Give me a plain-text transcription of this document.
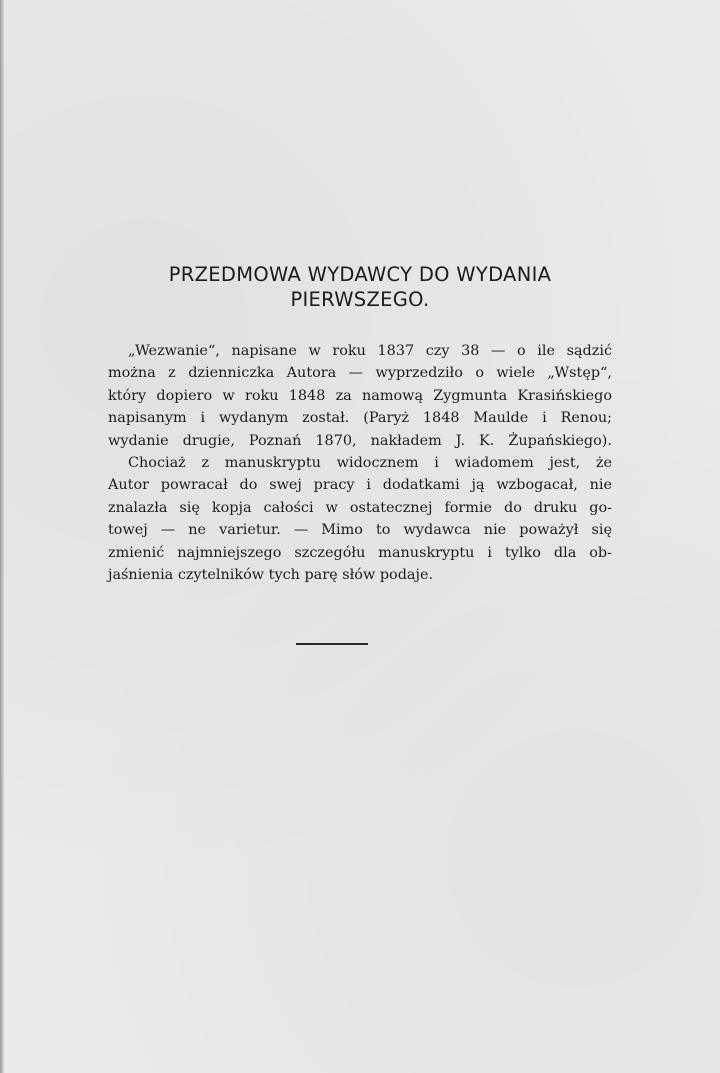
PRZEDMOWA WYDAWCY DO WYDANIA
PIERWSZEGO.
„Wezwanie“, napisane w roku 1837 czy 38 — o ile sądzić
można z dzienniczka Autora — wyprzedziło o wiele „Wstęp“,
który dopiero w roku 1848 za namową Zygmunta Krasińskiego
napisanym i wydanym został. (Paryż 1848 Maulde i Renou;
wydanie drugie, Poznań 1870, nakładem J. K. Żupańskiego).
Chociaż z manuskryptu widocznem i wiadomem jest, że
Autor powracał do swej pracy i dodatkami ją wzbogacał, nie
znalazła się kopja całości w ostatecznej formie do druku go-
towej — ne varietur. — Mimo to wydawca nie poważył się
zmienić najmniejszego szczegółu manuskryptu i tylko dla ob-
jaśnienia czytelników tych parę słów podaje.
